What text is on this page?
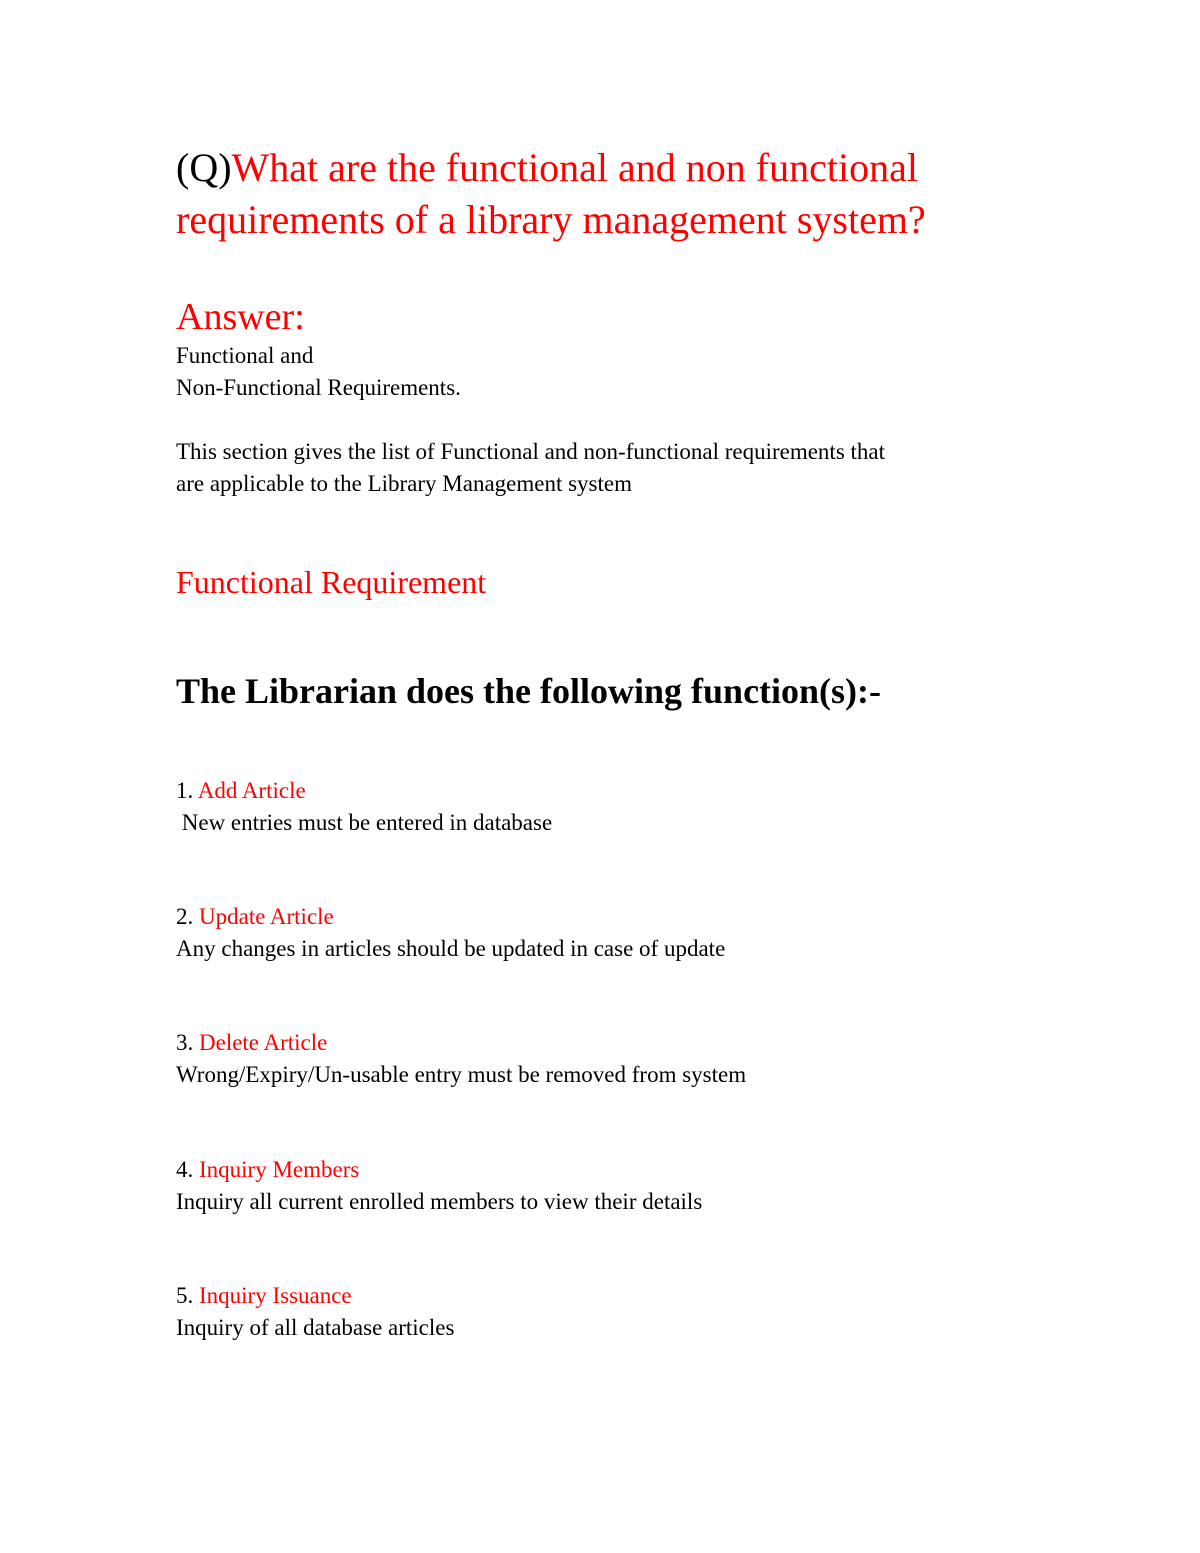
(Q)What are the functional and non functional
requirements of a library management system?
Answer:
Functional and
Non-Functional Requirements.
This section gives the list of Functional and non-functional requirements that
are applicable to the Library Management system
Functional Requirement
The Librarian does the following function(s):-
1. Add Article
New entries must be entered in database
2. Update Article
Any changes in articles should be updated in case of update
3. Delete Article
Wrong/Expiry/Un-usable entry must be removed from system
4. Inquiry Members
Inquiry all current enrolled members to view their details
5. Inquiry Issuance
Inquiry of all database articles
